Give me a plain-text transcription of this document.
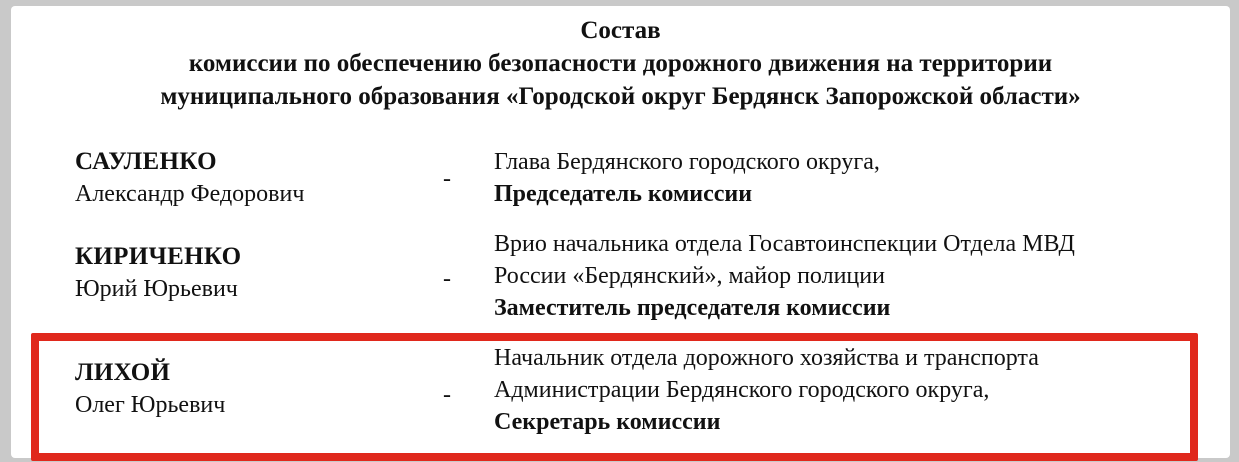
Состав
комиссии по обеспечению безопасности дорожного движения на территории
муниципального образования «Городской округ Бердянск Запорожской области»
САУЛЕНКО
Александр Федорович
-
Глава Бердянского городского округа,
Председатель комиссии
КИРИЧЕНКО
Юрий Юрьевич	-
Врио начальника отдела Госавтоинспекции Отдела МВД
России «Бердянский», майор полиции
Заместитель председателя комиссии
ЛИХОЙ
Олег Юрьевич	-
Начальник отдела дорожного хозяйства и транспорта
Администрации Бердянского городского округа,
Секретарь комиссии
